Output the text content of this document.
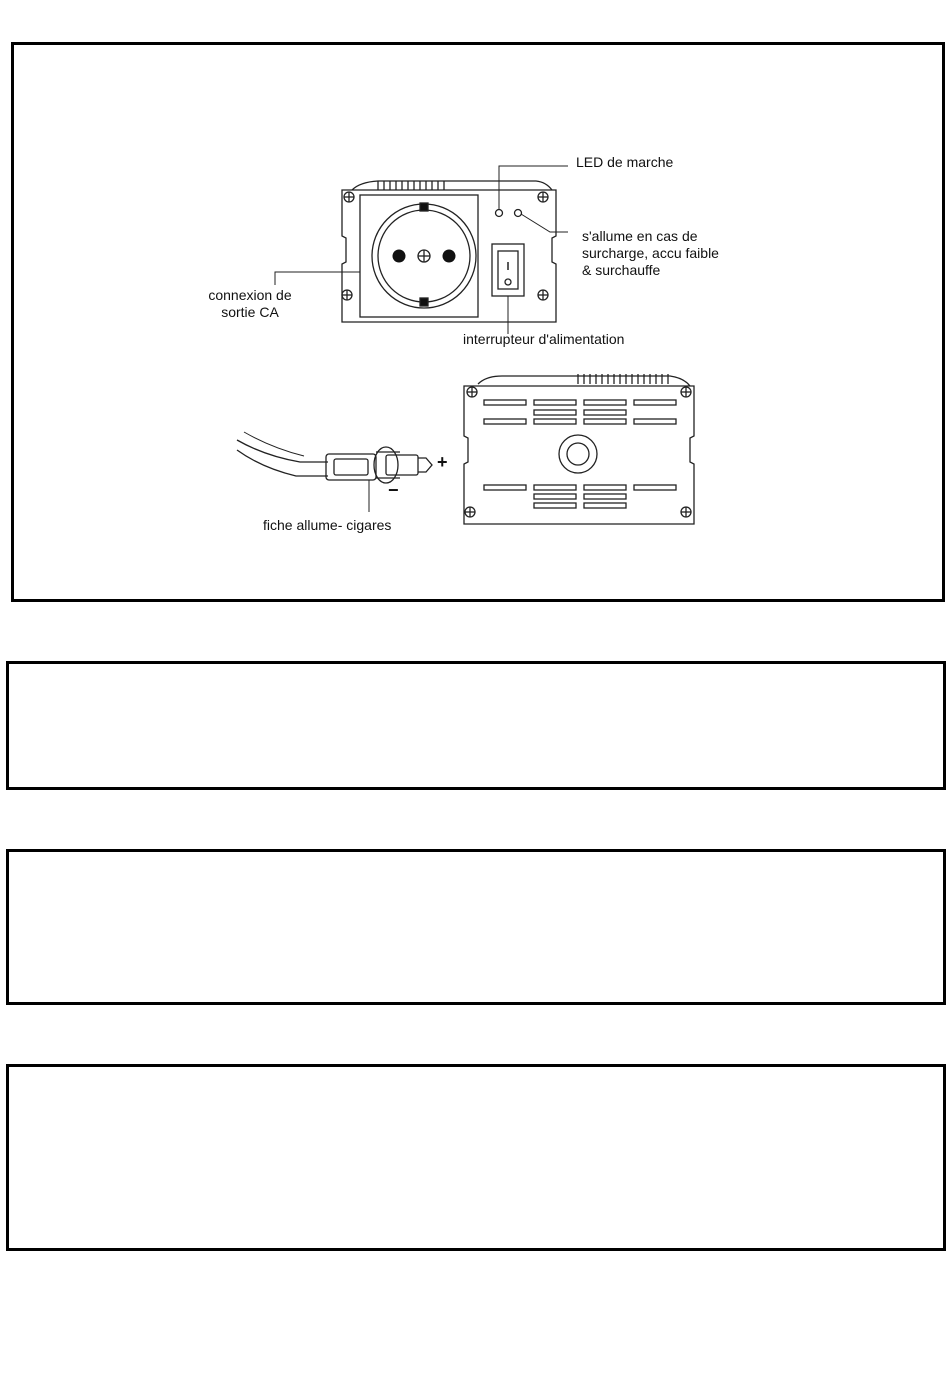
LED de marche
s'allume en cas de
surcharge, accu faible
& surchauffe
connexion de
sortie CA
interrupteur d'alimentation
fiche allume- cigares
+
−
